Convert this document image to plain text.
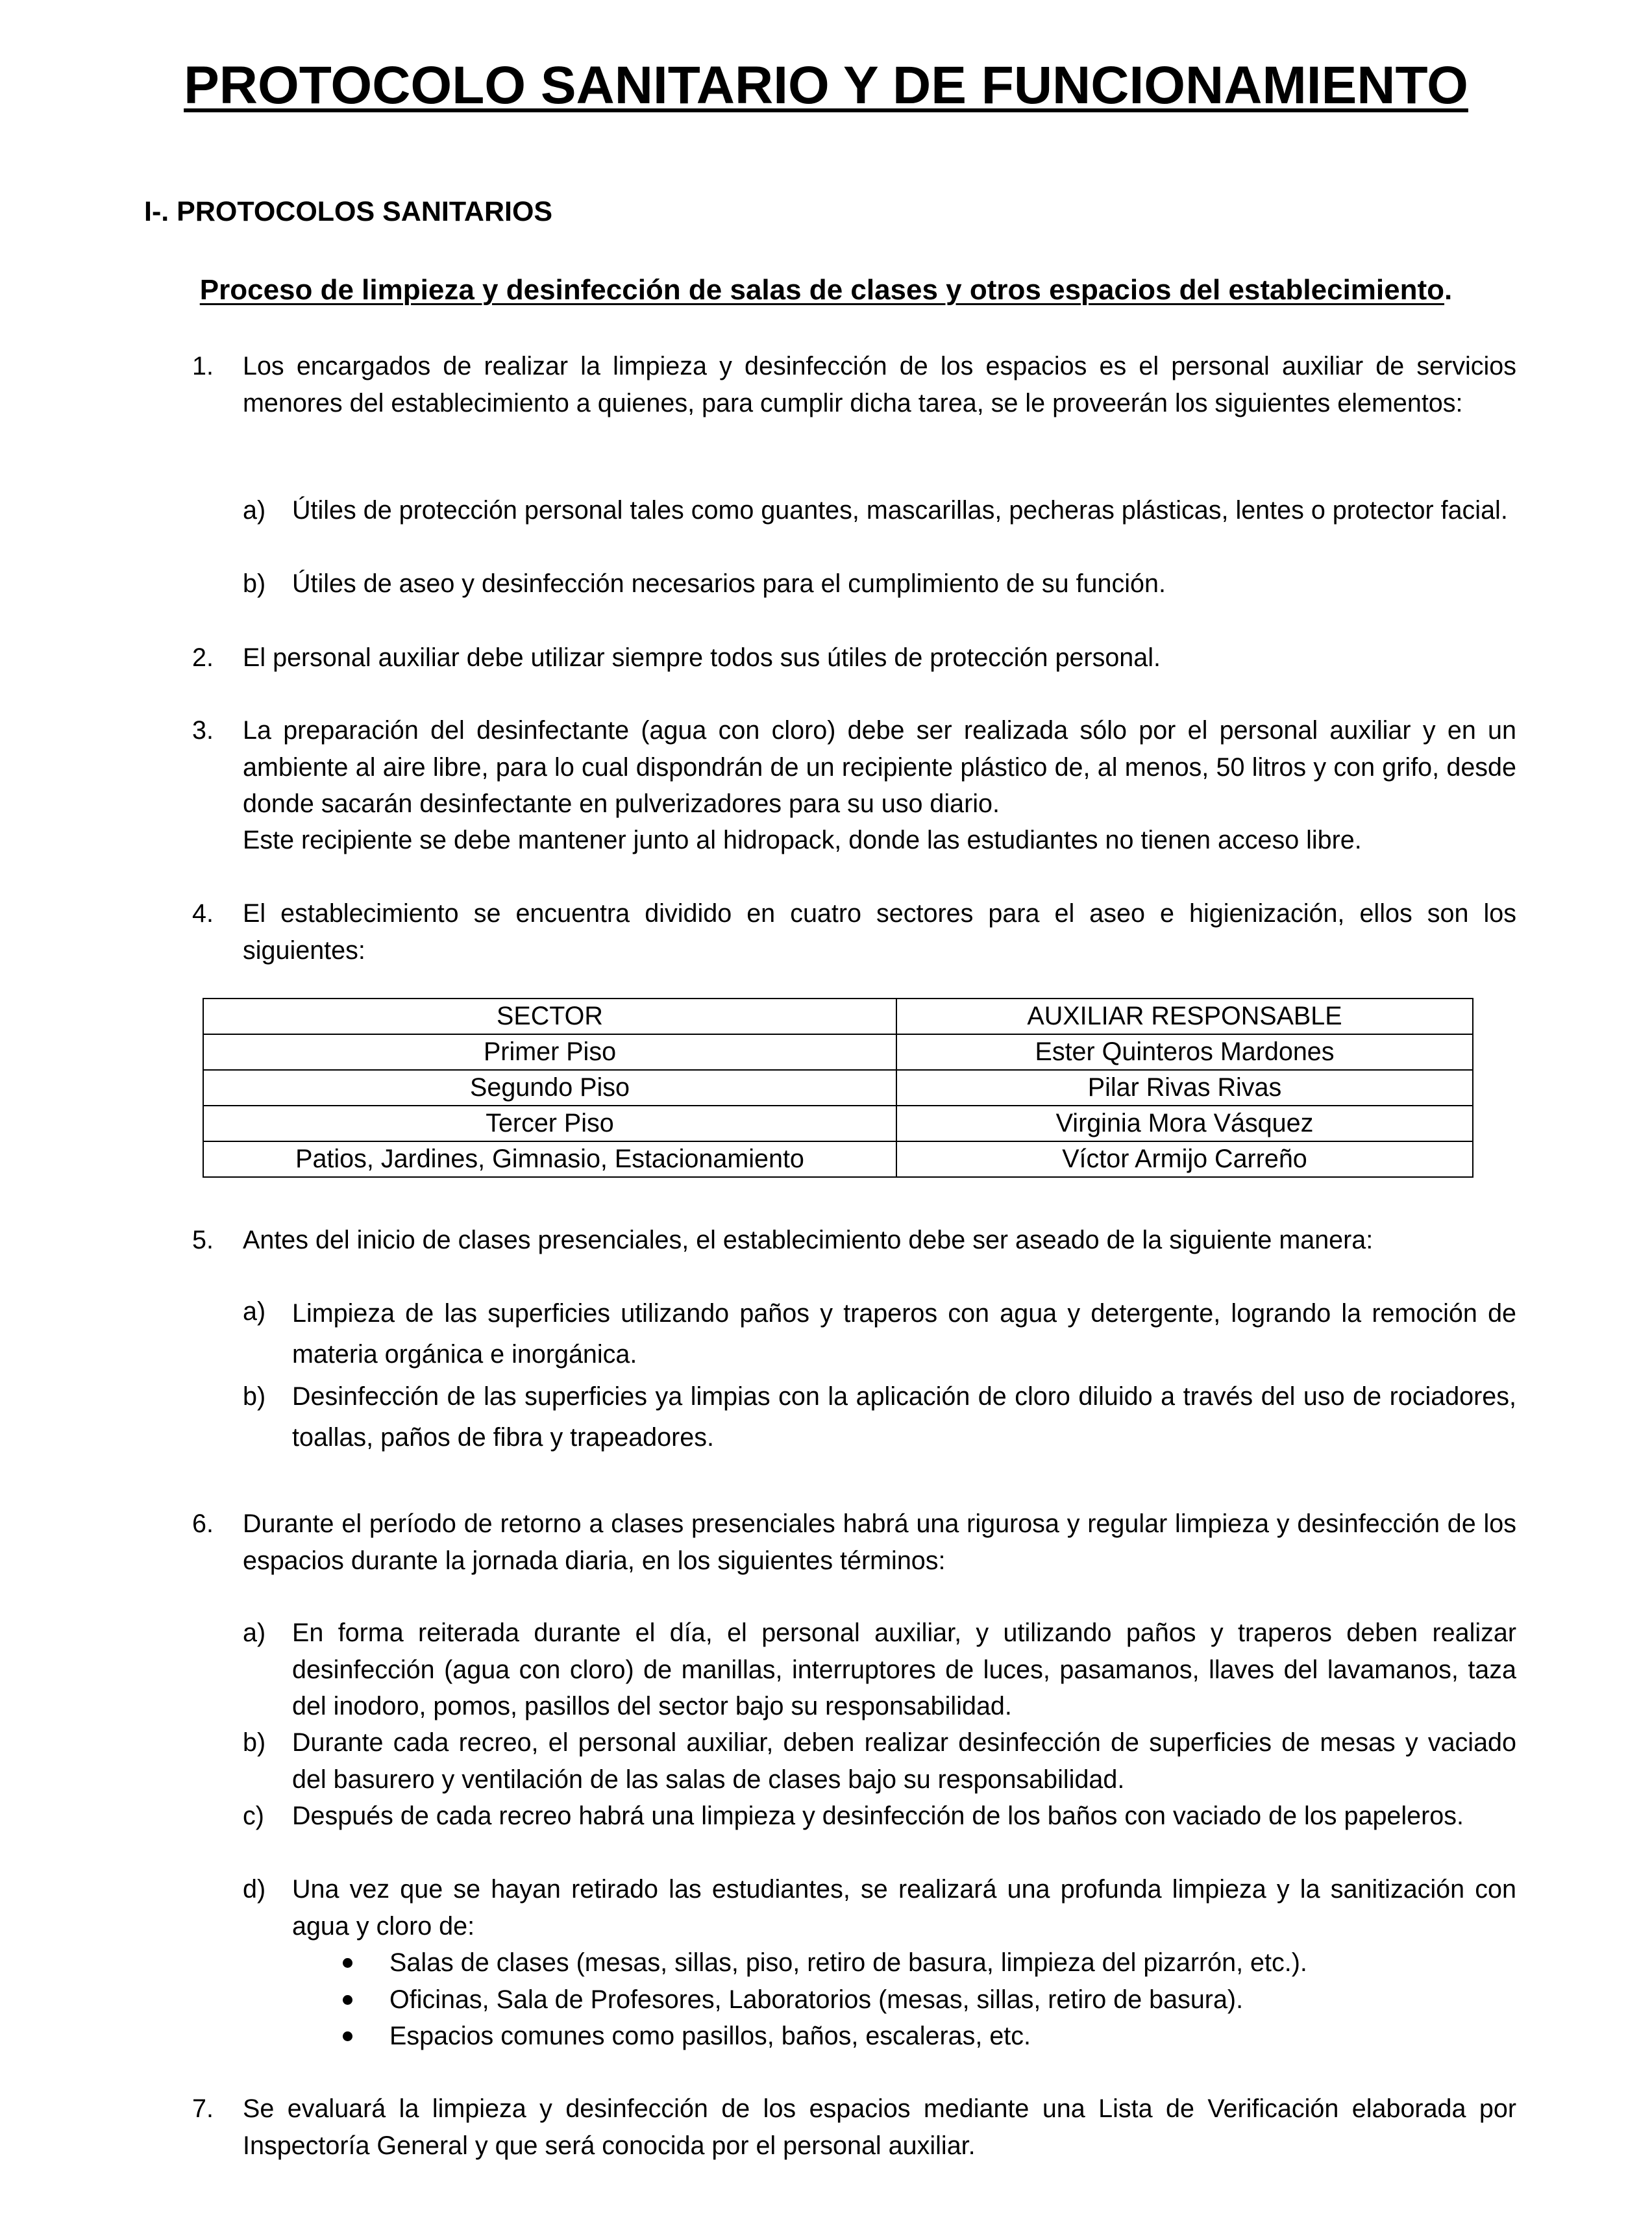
PROTOCOLO SANITARIO Y DE FUNCIONAMIENTO
I-. PROTOCOLOS SANITARIOS
Proceso de limpieza y desinfección de salas de clases y otros espacios del establecimiento.
1. Los encargados de realizar la limpieza y desinfección de los espacios es el personal auxiliar de servicios menores del establecimiento a quienes, para cumplir dicha tarea, se le proveerán los siguientes elementos:
a) Útiles de protección personal tales como guantes, mascarillas, pecheras plásticas, lentes o protector facial.
b) Útiles de aseo y desinfección necesarios para el cumplimiento de su función.
2. El personal auxiliar debe utilizar siempre todos sus útiles de protección personal.
3. La preparación del desinfectante (agua con cloro) debe ser realizada sólo por el personal auxiliar y en un ambiente al aire libre, para lo cual dispondrán de un recipiente plástico de, al menos, 50 litros y con grifo, desde donde sacarán desinfectante en pulverizadores para su uso diario.
Este recipiente se debe mantener junto al hidropack, donde las estudiantes no tienen acceso libre.
4. El establecimiento se encuentra dividido en cuatro sectores para el aseo e higienización, ellos son los siguientes:
SECTOR	AUXILIAR RESPONSABLE
Primer Piso	Ester Quinteros Mardones
Segundo Piso	Pilar Rivas Rivas
Tercer Piso	Virginia Mora Vásquez
Patios, Jardines, Gimnasio, Estacionamiento	Víctor Armijo Carreño
5. Antes del inicio de clases presenciales, el establecimiento debe ser aseado de la siguiente manera:
a) Limpieza de las superficies utilizando paños y traperos con agua y detergente, logrando la remoción de materia orgánica e inorgánica.
b) Desinfección de las superficies ya limpias con la aplicación de cloro diluido a través del uso de rociadores, toallas, paños de fibra y trapeadores.
6. Durante el período de retorno a clases presenciales habrá una rigurosa y regular limpieza y desinfección de los espacios durante la jornada diaria, en los siguientes términos:
a) En forma reiterada durante el día, el personal auxiliar, y utilizando paños y traperos deben realizar desinfección (agua con cloro) de manillas, interruptores de luces, pasamanos, llaves del lavamanos, taza del inodoro, pomos, pasillos del sector bajo su responsabilidad.
b) Durante cada recreo, el personal auxiliar, deben realizar desinfección de superficies de mesas y vaciado del basurero y ventilación de las salas de clases bajo su responsabilidad.
c) Después de cada recreo habrá una limpieza y desinfección de los baños con vaciado de los papeleros.
d) Una vez que se hayan retirado las estudiantes, se realizará una profunda limpieza y la sanitización con agua y cloro de:
Salas de clases (mesas, sillas, piso, retiro de basura, limpieza del pizarrón, etc.).
Oficinas, Sala de Profesores, Laboratorios (mesas, sillas, retiro de basura).
Espacios comunes como pasillos, baños, escaleras, etc.
7. Se evaluará la limpieza y desinfección de los espacios mediante una Lista de Verificación elaborada por Inspectoría General y que será conocida por el personal auxiliar.
